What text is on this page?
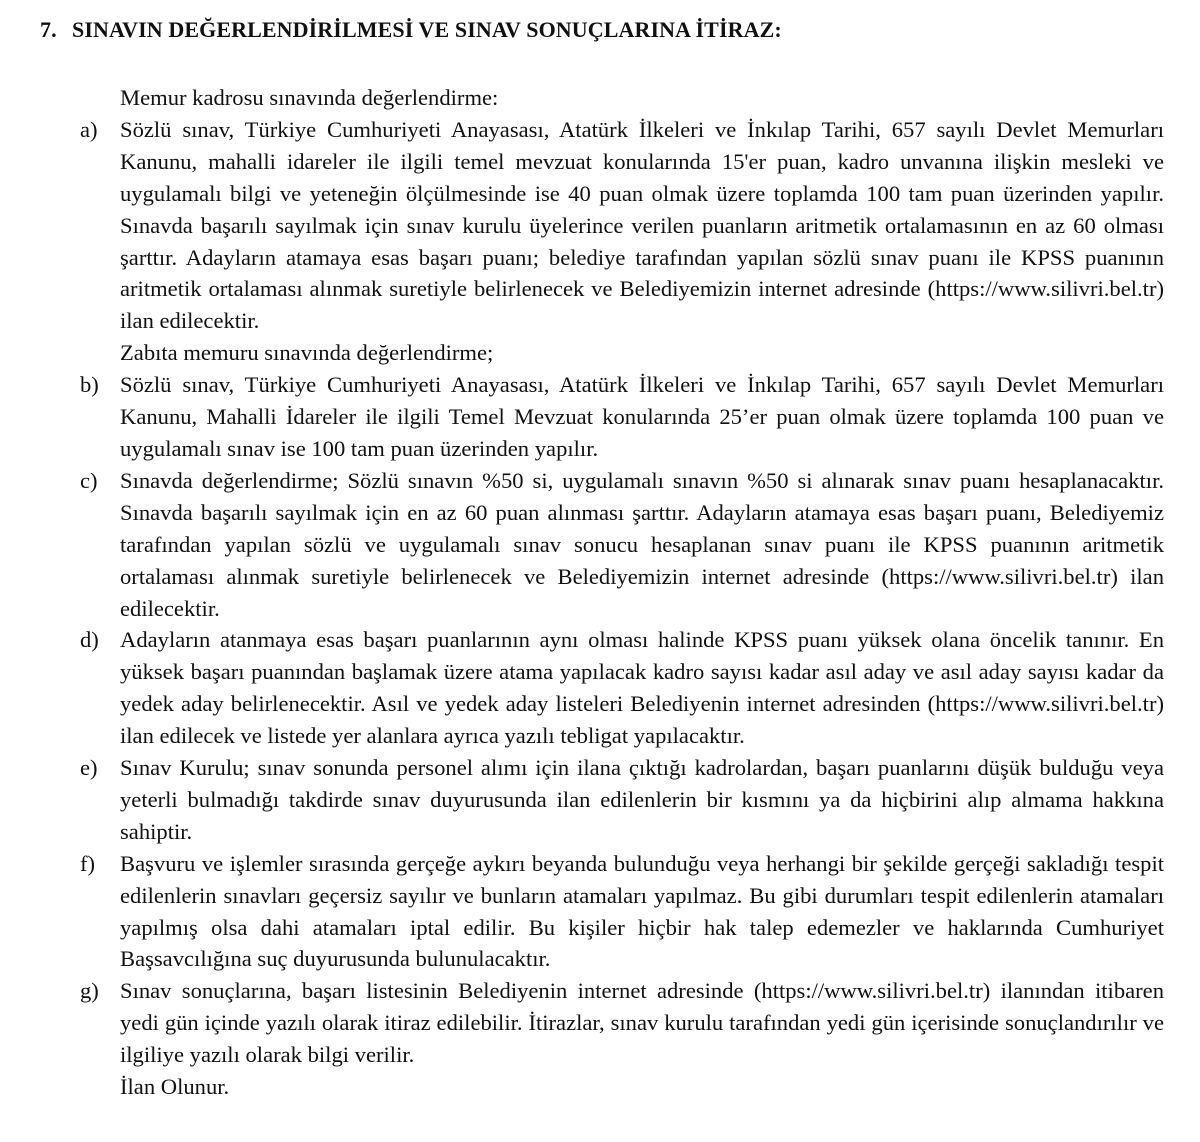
7. SINAVIN DEĞERLENDİRİLMESİ VE SINAV SONUÇLARINA İTİRAZ:
Memur kadrosu sınavında değerlendirme:
a) Sözlü sınav, Türkiye Cumhuriyeti Anayasası, Atatürk İlkeleri ve İnkılap Tarihi, 657 sayılı Devlet Memurları Kanunu, mahalli idareler ile ilgili temel mevzuat konularında 15'er puan, kadro unvanına ilişkin mesleki ve uygulamalı bilgi ve yeteneğin ölçülmesinde ise 40 puan olmak üzere toplamda 100 tam puan üzerinden yapılır. Sınavda başarılı sayılmak için sınav kurulu üyelerince verilen puanların aritmetik ortalamasının en az 60 olması şarttır. Adayların atamaya esas başarı puanı; belediye tarafından yapılan sözlü sınav puanı ile KPSS puanının aritmetik ortalaması alınmak suretiyle belirlenecek ve Belediyemizin internet adresinde (https://www.silivri.bel.tr) ilan edilecektir.
Zabıta memuru sınavında değerlendirme;
b) Sözlü sınav, Türkiye Cumhuriyeti Anayasası, Atatürk İlkeleri ve İnkılap Tarihi, 657 sayılı Devlet Memurları Kanunu, Mahalli İdareler ile ilgili Temel Mevzuat konularında 25’er puan olmak üzere toplamda 100 puan ve uygulamalı sınav ise 100 tam puan üzerinden yapılır.
c) Sınavda değerlendirme; Sözlü sınavın %50 si, uygulamalı sınavın %50 si alınarak sınav puanı hesaplanacaktır. Sınavda başarılı sayılmak için en az 60 puan alınması şarttır. Adayların atamaya esas başarı puanı, Belediyemiz tarafından yapılan sözlü ve uygulamalı sınav sonucu hesaplanan sınav puanı ile KPSS puanının aritmetik ortalaması alınmak suretiyle belirlenecek ve Belediyemizin internet adresinde (https://www.silivri.bel.tr) ilan edilecektir.
d) Adayların atanmaya esas başarı puanlarının aynı olması halinde KPSS puanı yüksek olana öncelik tanınır. En yüksek başarı puanından başlamak üzere atama yapılacak kadro sayısı kadar asıl aday ve asıl aday sayısı kadar da yedek aday belirlenecektir. Asıl ve yedek aday listeleri Belediyenin internet adresinden (https://www.silivri.bel.tr) ilan edilecek ve listede yer alanlara ayrıca yazılı tebligat yapılacaktır.
e) Sınav Kurulu; sınav sonunda personel alımı için ilana çıktığı kadrolardan, başarı puanlarını düşük bulduğu veya yeterli bulmadığı takdirde sınav duyurusunda ilan edilenlerin bir kısmını ya da hiçbirini alıp almama hakkına sahiptir.
f) Başvuru ve işlemler sırasında gerçeğe aykırı beyanda bulunduğu veya herhangi bir şekilde gerçeği sakladığı tespit edilenlerin sınavları geçersiz sayılır ve bunların atamaları yapılmaz. Bu gibi durumları tespit edilenlerin atamaları yapılmış olsa dahi atamaları iptal edilir. Bu kişiler hiçbir hak talep edemezler ve haklarında Cumhuriyet Başsavcılığına suç duyurusunda bulunulacaktır.
g) Sınav sonuçlarına, başarı listesinin Belediyenin internet adresinde (https://www.silivri.bel.tr) ilanından itibaren yedi gün içinde yazılı olarak itiraz edilebilir. İtirazlar, sınav kurulu tarafından yedi gün içerisinde sonuçlandırılır ve ilgiliye yazılı olarak bilgi verilir.
İlan Olunur.
